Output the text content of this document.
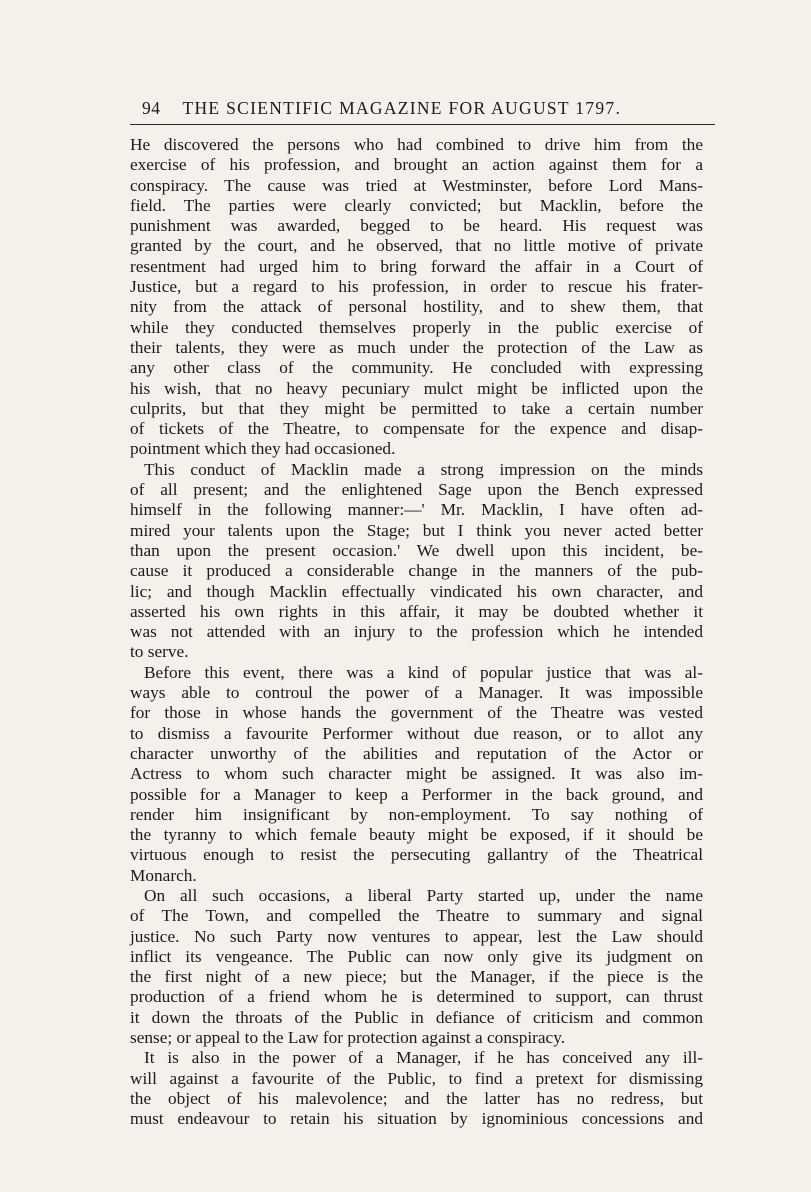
94 THE SCIENTIFIC MAGAZINE FOR AUGUST 1797.
He discovered the persons who had combined to drive him from the
exercise of his profession, and brought an action against them for a
conspiracy. The cause was tried at Westminster, before Lord Mans-
field. The parties were clearly convicted; but Macklin, before the
punishment was awarded, begged to be heard. His request was
granted by the court, and he observed, that no little motive of private
resentment had urged him to bring forward the affair in a Court of
Justice, but a regard to his profession, in order to rescue his frater-
nity from the attack of personal hostility, and to shew them, that
while they conducted themselves properly in the public exercise of
their talents, they were as much under the protection of the Law as
any other class of the community. He concluded with expressing
his wish, that no heavy pecuniary mulct might be inflicted upon the
culprits, but that they might be permitted to take a certain number
of tickets of the Theatre, to compensate for the expence and disap-
pointment which they had occasioned.
This conduct of Macklin made a strong impression on the minds
of all present; and the enlightened Sage upon the Bench expressed
himself in the following manner:—' Mr. Macklin, I have often ad-
mired your talents upon the Stage; but I think you never acted better
than upon the present occasion.' We dwell upon this incident, be-
cause it produced a considerable change in the manners of the pub-
lic; and though Macklin effectually vindicated his own character, and
asserted his own rights in this affair, it may be doubted whether it
was not attended with an injury to the profession which he intended
to serve.
Before this event, there was a kind of popular justice that was al-
ways able to controul the power of a Manager. It was impossible
for those in whose hands the government of the Theatre was vested
to dismiss a favourite Performer without due reason, or to allot any
character unworthy of the abilities and reputation of the Actor or
Actress to whom such character might be assigned. It was also im-
possible for a Manager to keep a Performer in the back ground, and
render him insignificant by non-employment. To say nothing of
the tyranny to which female beauty might be exposed, if it should be
virtuous enough to resist the persecuting gallantry of the Theatrical
Monarch.
On all such occasions, a liberal Party started up, under the name
of The Town, and compelled the Theatre to summary and signal
justice. No such Party now ventures to appear, lest the Law should
inflict its vengeance. The Public can now only give its judgment on
the first night of a new piece; but the Manager, if the piece is the
production of a friend whom he is determined to support, can thrust
it down the throats of the Public in defiance of criticism and common
sense; or appeal to the Law for protection against a conspiracy.
It is also in the power of a Manager, if he has conceived any ill-
will against a favourite of the Public, to find a pretext for dismissing
the object of his malevolence; and the latter has no redress, but
must endeavour to retain his situation by ignominious concessions and
